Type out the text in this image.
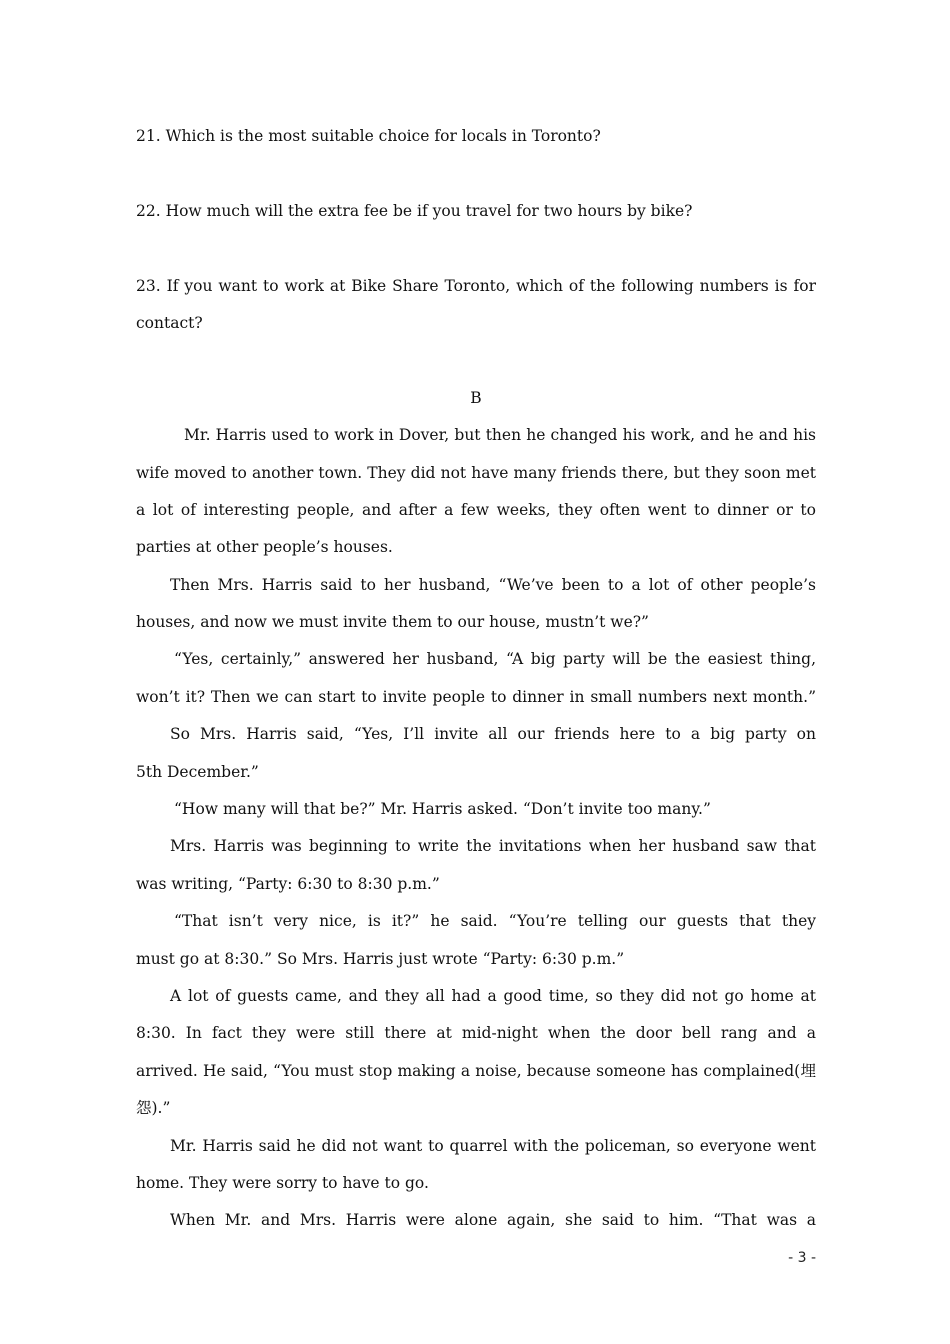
21. Which is the most suitable choice for locals in Toronto?

22. How much will the extra fee be if you travel for two hours by bike?

23. If you want to work at Bike Share Toronto, which of the following numbers is for
contact?

B
Mr. Harris used to work in Dover, but then he changed his work, and he and his
wife moved to another town. They did not have many friends there, but they soon met
a lot of interesting people, and after a few weeks, they often went to dinner or to
parties at other people’s houses.
Then Mrs. Harris said to her husband, “We’ve been to a lot of other people’s
houses, and now we must invite them to our house, mustn’t we?”
“Yes, certainly,” answered her husband, “A big party will be the easiest thing,
won’t it? Then we can start to invite people to dinner in small numbers next month.”
So Mrs. Harris said, “Yes, I’ll invite all our friends here to a big party on
5th December.”
“How many will that be?” Mr. Harris asked. “Don’t invite too many.”
Mrs. Harris was beginning to write the invitations when her husband saw that
was writing, “Party: 6:30 to 8:30 p.m.”
“That isn’t very nice, is it?” he said. “You’re telling our guests that they
must go at 8:30.” So Mrs. Harris just wrote “Party: 6:30 p.m.”
A lot of guests came, and they all had a good time, so they did not go home at
8:30. In fact they were still there at mid-night when the door bell rang and a
arrived. He said, “You must stop making a noise, because someone has complained(埋
怨).”
Mr. Harris said he did not want to quarrel with the policeman, so everyone went
home. They were sorry to have to go.
When Mr. and Mrs. Harris were alone again, she said to him. “That was a
- 3 -
